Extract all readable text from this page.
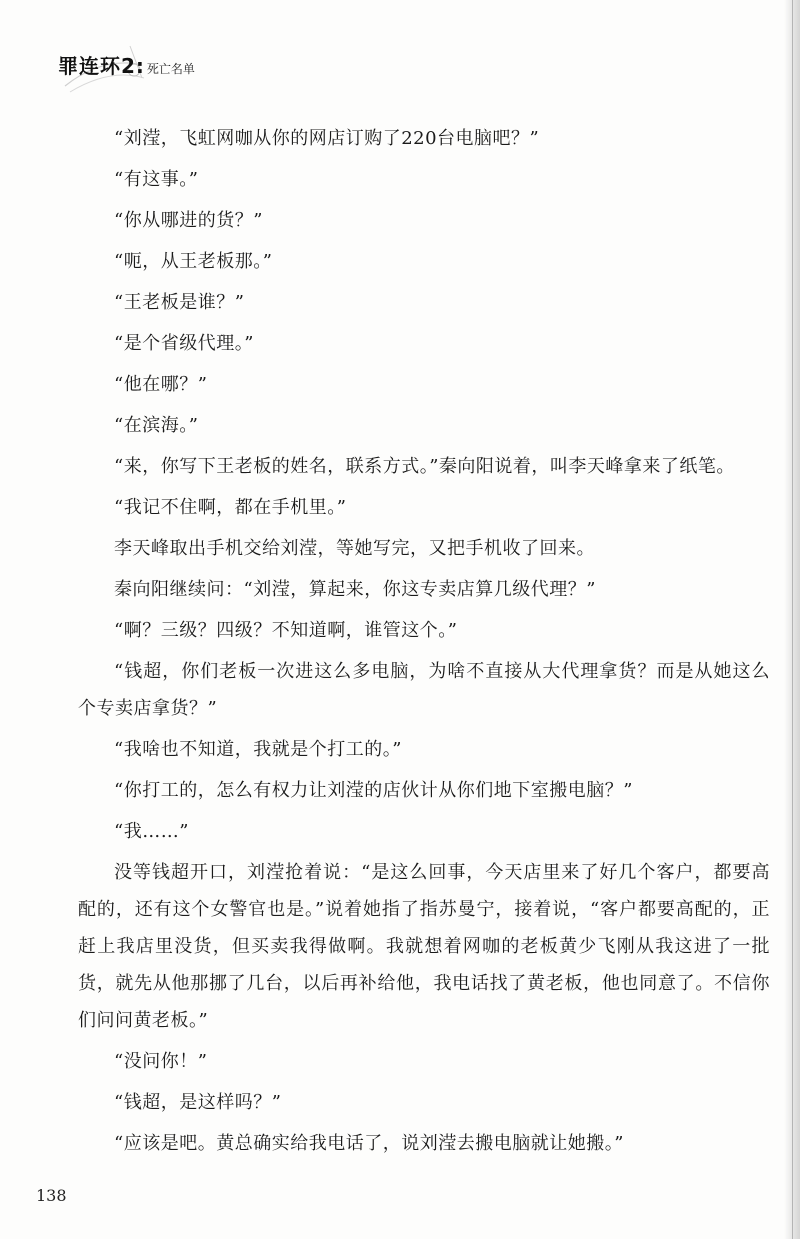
罪连环2: 死亡名单

“刘滢，飞虹网咖从你的网店订购了220台电脑吧？”

“有这事。”

“你从哪进的货？”

“呃，从王老板那。”

“王老板是谁？”

“是个省级代理。”

“他在哪？”

“在滨海。”

“来，你写下王老板的姓名，联系方式。”秦向阳说着，叫李天峰拿来了纸笔。

“我记不住啊，都在手机里。”

李天峰取出手机交给刘滢，等她写完，又把手机收了回来。

秦向阳继续问：“刘滢，算起来，你这专卖店算几级代理？”

“啊？三级？四级？不知道啊，谁管这个。”

“钱超，你们老板一次进这么多电脑，为啥不直接从大代理拿货？而是从她这么个专卖店拿货？”

“我啥也不知道，我就是个打工的。”

“你打工的，怎么有权力让刘滢的店伙计从你们地下室搬电脑？”

“我……”

没等钱超开口，刘滢抢着说：“是这么回事，今天店里来了好几个客户，都要高配的，还有这个女警官也是。”说着她指了指苏曼宁，接着说，“客户都要高配的，正赶上我店里没货，但买卖我得做啊。我就想着网咖的老板黄少飞刚从我这进了一批货，就先从他那挪了几台，以后再补给他，我电话找了黄老板，他也同意了。不信你们问问黄老板。”

“没问你！”

“钱超，是这样吗？”

“应该是吧。黄总确实给我电话了，说刘滢去搬电脑就让她搬。”

138
